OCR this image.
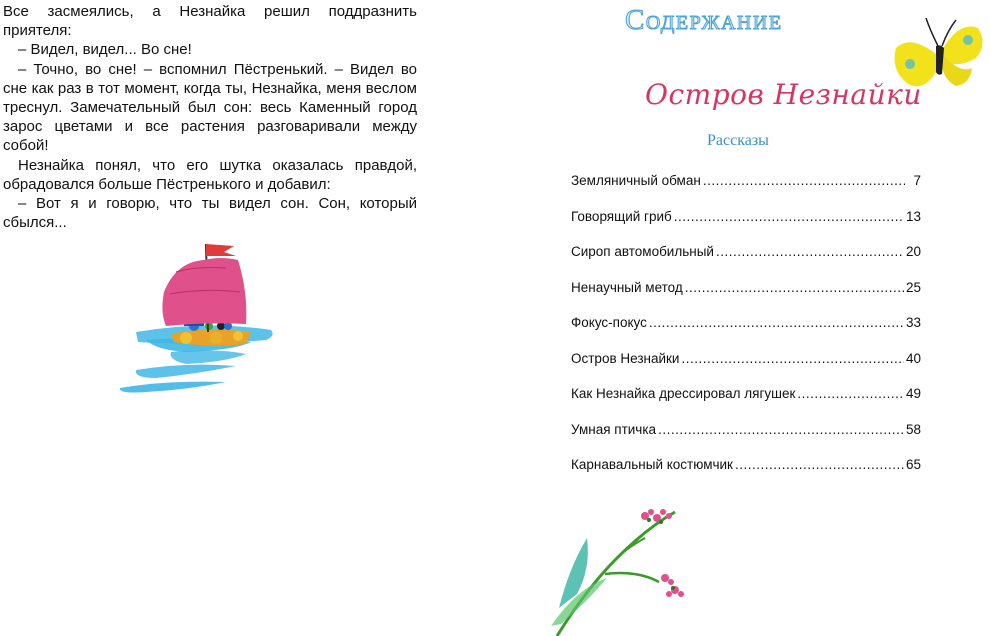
Все засмеялись, а Незнайка решил поддразнить приятеля:

– Видел, видел... Во сне!

– Точно, во сне! – вспомнил Пёстренький. – Видел во сне как раз в тот момент, когда ты, Незнайка, меня веслом треснул. Замечательный был сон: весь Каменный город зарос цветами и все растения разговаривали между собой!

Незнайка понял, что его шутка оказалась правдой, обрадовался больше Пёстренького и добавил:

– Вот я и говорю, что ты видел сон. Сон, который сбылся...

Содержание
Остров Незнайки
Рассказы
Земляничный обман .....	7
Говорящий гриб .....	13
Сироп автомобильный .....	20
Ненаучный метод .....	25
Фокус-покус .....	33
Остров Незнайки .....	40
Как Незнайка дрессировал лягушек .....	49
Умная птичка .....	58
Карнавальный костюмчик .....	65
